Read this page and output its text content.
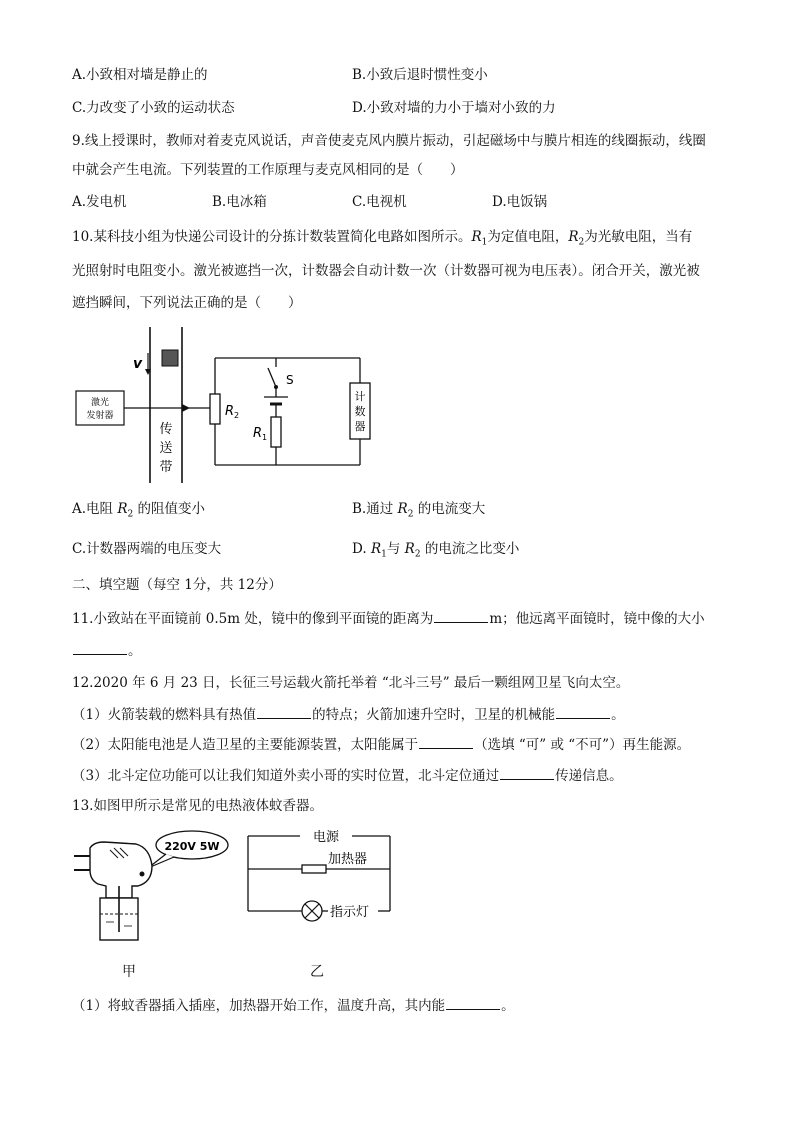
A.小致相对墙是静止的	B.小致后退时惯性变小
C.力改变了小致的运动状态	D.小致对墙的力小于墙对小致的力
9.线上授课时，教师对着麦克风说话，声音使麦克风内膜片振动，引起磁场中与膜片相连的线圈振动，线圈
中就会产生电流。下列装置的工作原理与麦克风相同的是（　　）
A.发电机	B.电冰箱	C.电视机	D.电饭锅
10.某科技小组为快递公司设计的分拣计数装置简化电路如图所示。$R_1$为定值电阻，$R_2$为光敏电阻，当有
光照射时电阻变小。激光被遮挡一次，计数器会自动计数一次（计数器可视为电压表）。闭合开关，激光被
遮挡瞬间，下列说法正确的是（　　）
传
送
带
v
激光
发射器	R 2
S
R 1
计
数
器
A.电阻 $R_2$ 的阻值变小	B.通过 $R_2$ 的电流变大
C.计数器两端的电压变大	D. $R_1$与 $R_2$ 的电流之比变小
二、填空题（每空 1分，共 12分）
11.小致站在平面镜前 0.5m 处，镜中的像到平面镜的距离为	m；他远离平面镜时，镜中像的大小
。
12.2020 年 6 月 23 日，长征三号运载火箭托举着 “北斗三号” 最后一颗组网卫星飞向太空。
（1）火箭装载的燃料具有热值	的特点；火箭加速升空时，卫星的机械能	。
（2）太阳能电池是人造卫星的主要能源装置，太阳能属于	（选填 “可” 或 “不可”）再生能源。
（3）北斗定位功能可以让我们知道外卖小哥的实时位置，北斗定位通过	传递信息。
13.如图甲所示是常见的电热液体蚊香器。
220V 5W
电源
加热器
指示灯
甲	乙
（1）将蚊香器插入插座，加热器开始工作，温度升高，其内能	。
